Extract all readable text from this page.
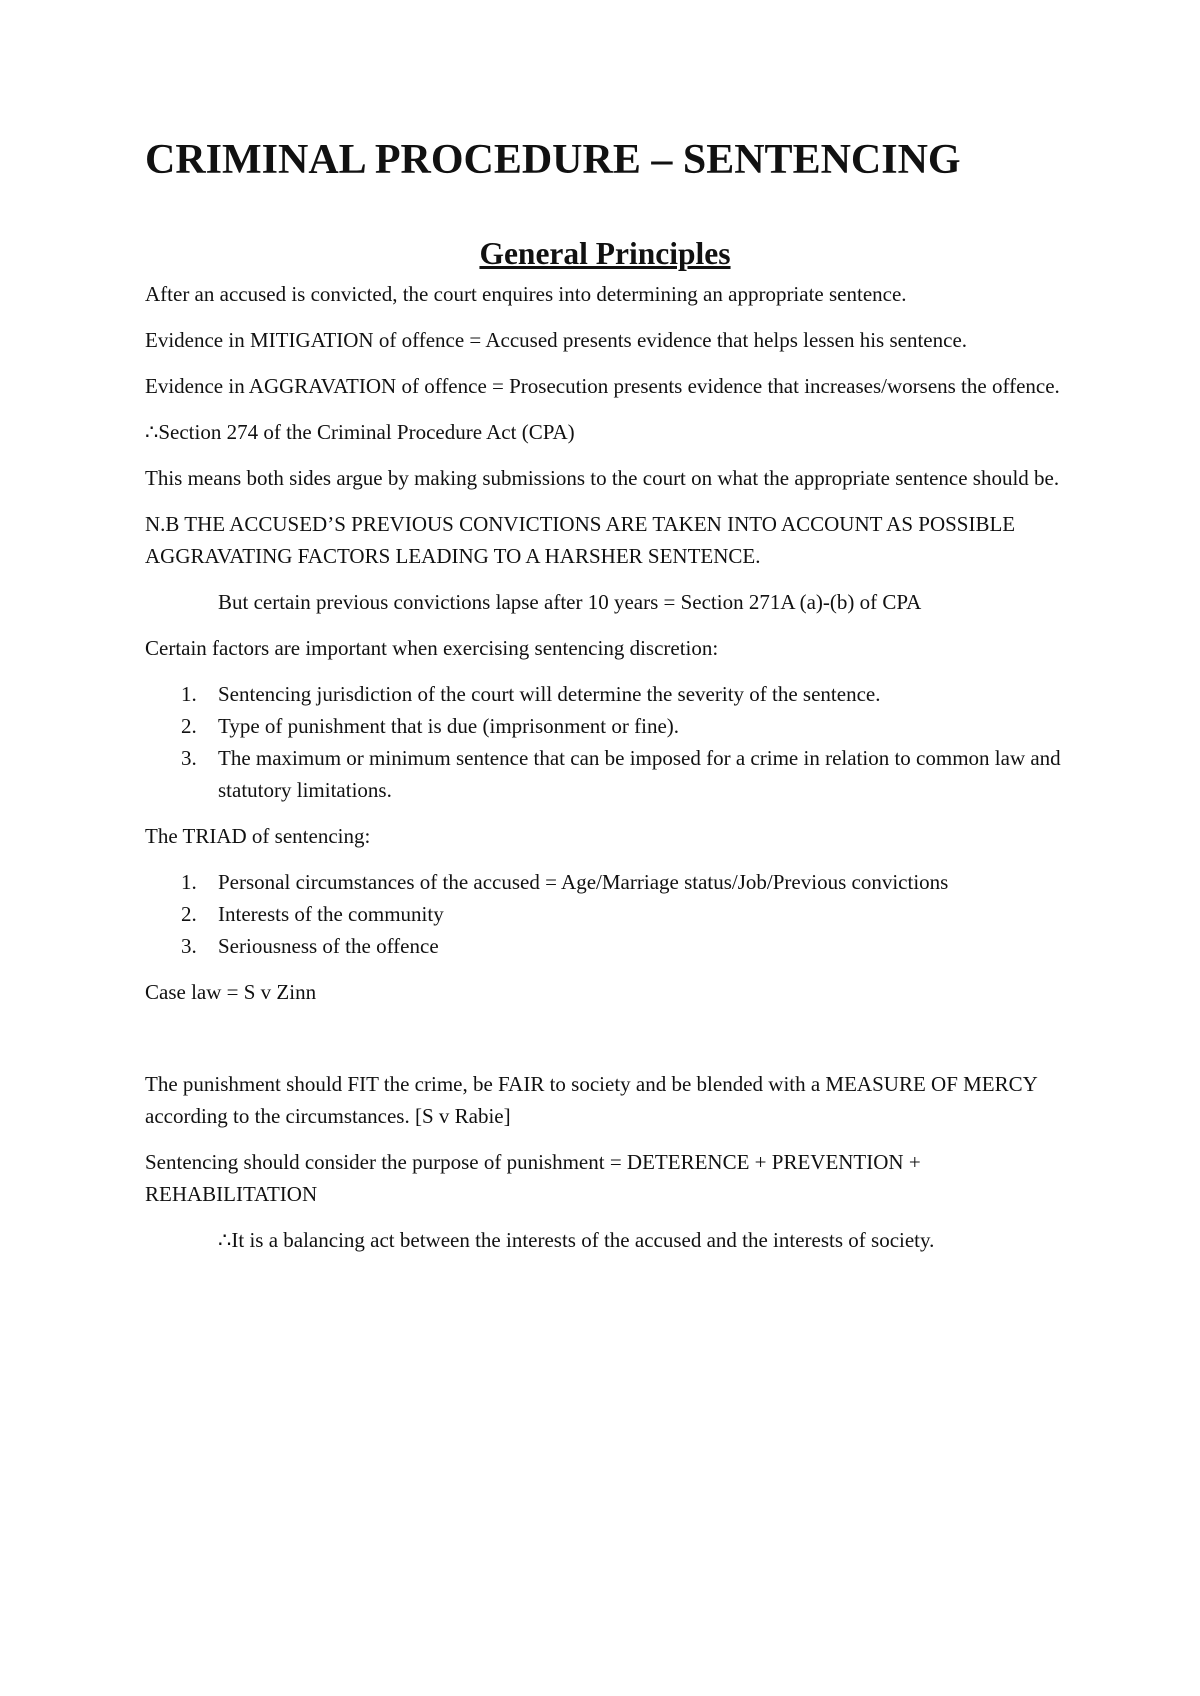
CRIMINAL PROCEDURE – SENTENCING
General Principles

After an accused is convicted, the court enquires into determining an appropriate sentence.

Evidence in MITIGATION of offence = Accused presents evidence that helps lessen his sentence.

Evidence in AGGRAVATION of offence = Prosecution presents evidence that increases/worsens the offence.

∴Section 274 of the Criminal Procedure Act (CPA)

This means both sides argue by making submissions to the court on what the appropriate sentence should be.

N.B THE ACCUSED’S PREVIOUS CONVICTIONS ARE TAKEN INTO ACCOUNT AS POSSIBLE AGGRAVATING FACTORS LEADING TO A HARSHER SENTENCE.

But certain previous convictions lapse after 10 years = Section 271A (a)-(b) of CPA

Certain factors are important when exercising sentencing discretion:

1. Sentencing jurisdiction of the court will determine the severity of the sentence.
2. Type of punishment that is due (imprisonment or fine).
3. The maximum or minimum sentence that can be imposed for a crime in relation to common law and statutory limitations.

The TRIAD of sentencing:

1. Personal circumstances of the accused = Age/Marriage status/Job/Previous convictions
2. Interests of the community
3. Seriousness of the offence

Case law = S v Zinn

The punishment should FIT the crime, be FAIR to society and be blended with a MEASURE OF MERCY according to the circumstances. [S v Rabie]

Sentencing should consider the purpose of punishment = DETERENCE + PREVENTION + REHABILITATION

∴It is a balancing act between the interests of the accused and the interests of society.
